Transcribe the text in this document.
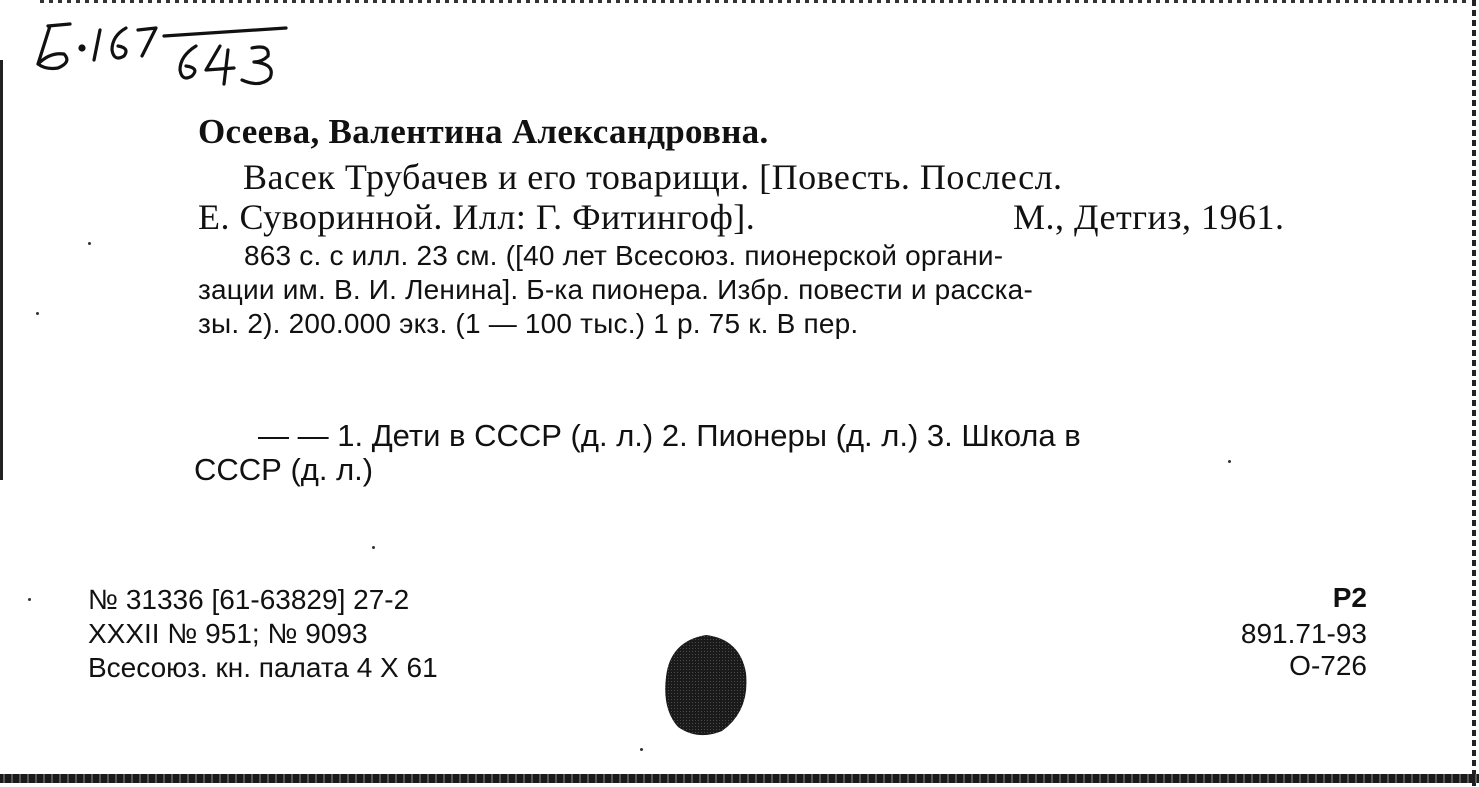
Осеева, Валентина Александровна.
Васек Трубачев и его товарищи. [Повесть. Послесл.
Е. Суворинной. Илл: Г. Фитингоф].	М., Детгиз, 1961.
863 с. с илл. 23 см. ([40 лет Всесоюз. пионерской органи-
зации им. В. И. Ленина]. Б-ка пионера. Избр. повести и расска-
зы. 2). 200.000 экз. (1 — 100 тыс.) 1 р. 75 к. В пер.
— — 1. Дети в СССР (д. л.) 2. Пионеры (д. л.) 3. Школа в
СССР (д. л.)
№ 31336 [61-63829] 27-2
XXXII № 951; № 9093
Всесоюз. кн. палата 4 X 61
Р2
891.71-93
О-726
